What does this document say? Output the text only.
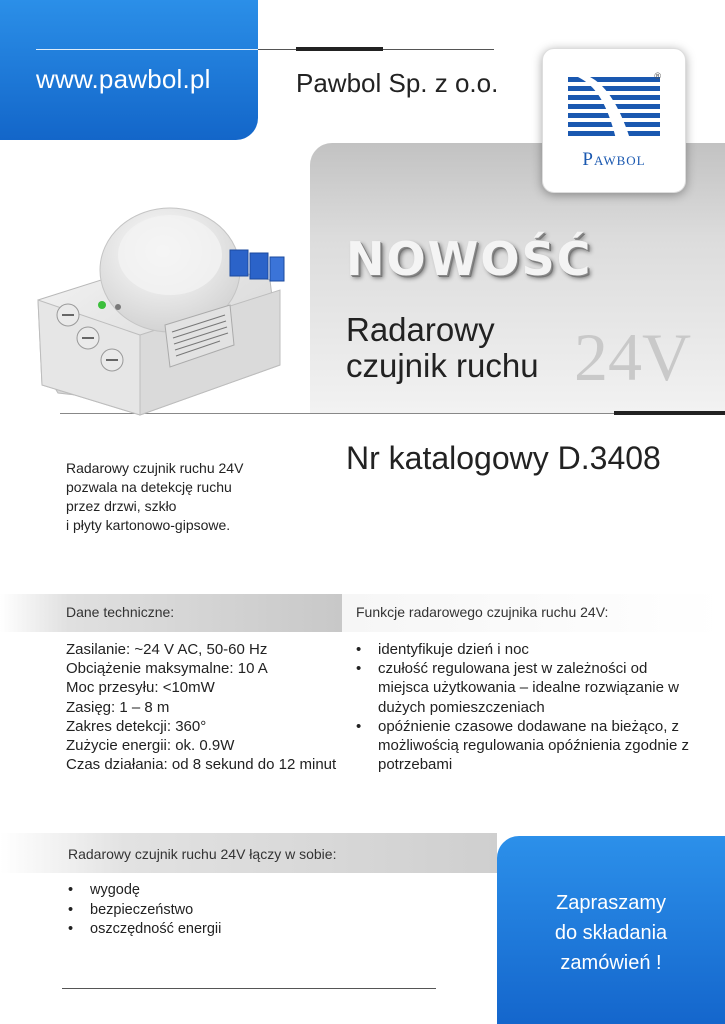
www.pawbol.pl	Pawbol Sp. z o.o.	®
Pawbol
NOWOŚĆ
Radarowy
czujnik ruchu 24V
Nr katalogowy D.3408
Radarowy czujnik ruchu 24V
pozwala na detekcję ruchu
przez drzwi, szkło
i płyty kartonowo-gipsowe.
Dane techniczne:	Funkcje radarowego czujnika ruchu 24V:
Zasilanie: ~24 V AC, 50-60 Hz
Obciążenie maksymalne: 10 A
Moc przesyłu: <10mW
Zasięg: 1 – 8 m
Zakres detekcji: 360°
Zużycie energii: ok. 0.9W
Czas działania: od 8 sekund do 12 minut
• identyfikuje dzień i noc
• czułość regulowana jest w zależności od miejsca użytkowania – idealne rozwiązanie w dużych pomieszczeniach
• opóźnienie czasowe dodawane na bieżąco, z możliwością regulowania opóźnienia zgodnie z potrzebami
Radarowy czujnik ruchu 24V łączy w sobie:
• wygodę
• bezpieczeństwo
• oszczędność energii
Zapraszamy
do składania
zamówień !
